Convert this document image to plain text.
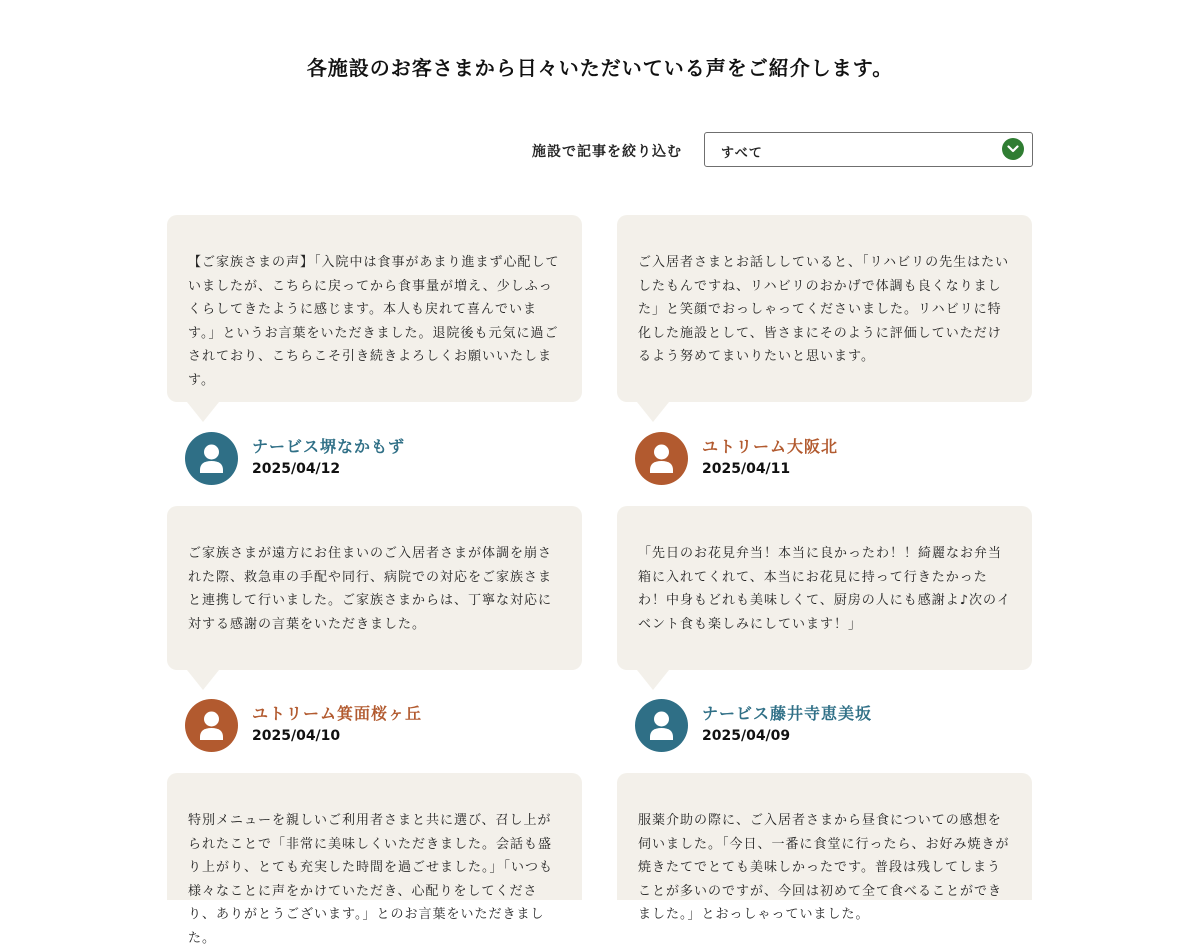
各施設のお客さまから日々いただいている声をご紹介します。
施設で記事を絞り込む	すべて
【ご家族さまの声】「入院中は食事があまり進まず心配していましたが、こちらに戻ってから食事量が増え、少しふっくらしてきたように感じます。本人も戻れて喜んでいます。」というお言葉をいただきました。退院後も元気に過ごされており、こちらこそ引き続きよろしくお願いいたします。
ナービス堺なかもず
2025/04/12
ご入居者さまとお話ししていると、「リハビリの先生はたいしたもんですね、リハビリのおかげで体調も良くなりました」と笑顔でおっしゃってくださいました。リハビリに特化した施設として、皆さまにそのように評価していただけるよう努めてまいりたいと思います。
ユトリーム大阪北
2025/04/11
ご家族さまが遠方にお住まいのご入居者さまが体調を崩された際、救急車の手配や同行、病院での対応をご家族さまと連携して行いました。ご家族さまからは、丁寧な対応に対する感謝の言葉をいただきました。
ユトリーム箕面桜ヶ丘
2025/04/10
「先日のお花見弁当！本当に良かったわ！！綺麗なお弁当箱に入れてくれて、本当にお花見に持って行きたかったわ！中身もどれも美味しくて、厨房の人にも感謝よ♪次のイベント食も楽しみにしています！」
ナービス藤井寺恵美坂
2025/04/09
特別メニューを親しいご利用者さまと共に選び、召し上がられたことで「非常に美味しくいただきました。会話も盛り上がり、とても充実した時間を過ごせました。」「いつも様々なことに声をかけていただき、心配りをしてくださり、ありがとうございます。」とのお言葉をいただきました。
服薬介助の際に、ご入居者さまから昼食についての感想を伺いました。「今日、一番に食堂に行ったら、お好み焼きが焼きたてでとても美味しかったです。普段は残してしまうことが多いのですが、今回は初めて全て食べることができました。」とおっしゃっていました。
